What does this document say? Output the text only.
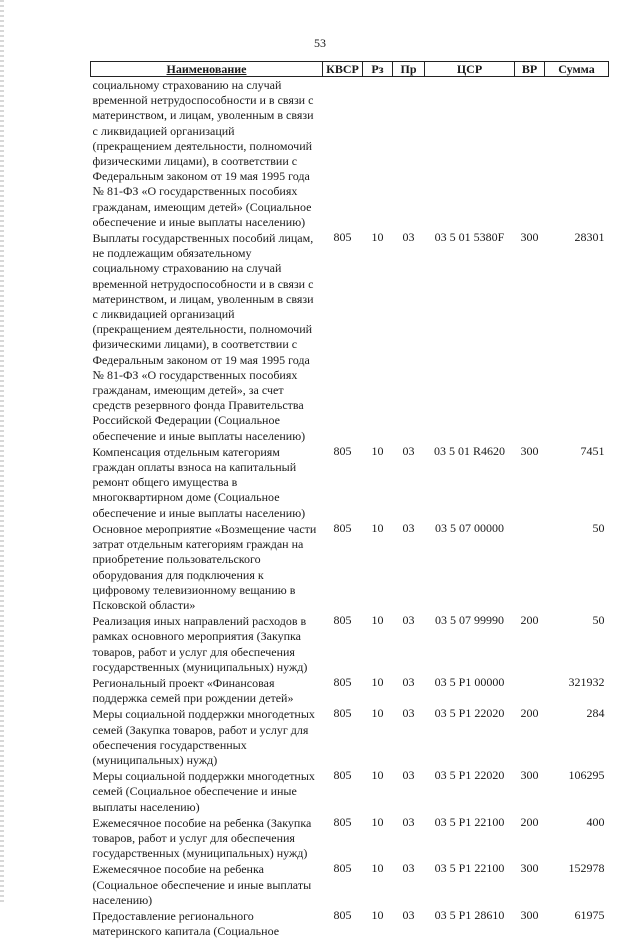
53
Наименование	КВСР	Рз	Пр	ЦСР	ВР	Сумма
социальному страхованию на случай временной нетрудоспособности и в связи с материнством, и лицам, уволенным в связи с ликвидацией организаций (прекращением деятельности, полномочий физическими лицами), в соответствии с Федеральным законом от 19 мая 1995 года № 81-ФЗ «О государственных пособиях гражданам, имеющим детей» (Социальное обеспечение и иные выплаты населению)						
Выплаты государственных пособий лицам, не подлежащим обязательному социальному страхованию на случай временной нетрудоспособности и в связи с материнством, и лицам, уволенным в связи с ликвидацией организаций (прекращением деятельности, полномочий физическими лицами), в соответствии с Федеральным законом от 19 мая 1995 года № 81-ФЗ «О государственных пособиях гражданам, имеющим детей», за счет средств резервного фонда Правительства Российской Федерации (Социальное обеспечение и иные выплаты населению)	805	10	03	03 5 01 5380F	300	28301
Компенсация отдельным категориям граждан оплаты взноса на капитальный ремонт общего имущества в многоквартирном доме (Социальное обеспечение и иные выплаты населению)	805	10	03	03 5 01 R4620	300	7451
Основное мероприятие «Возмещение части затрат отдельным категориям граждан на приобретение пользовательского оборудования для подключения к цифровому телевизионному вещанию в Псковской области»	805	10	03	03 5 07 00000		50
Реализация иных направлений расходов в рамках основного мероприятия (Закупка товаров, работ и услуг для обеспечения государственных (муниципальных) нужд)	805	10	03	03 5 07 99990	200	50
Региональный проект «Финансовая поддержка семей при рождении детей»	805	10	03	03 5 P1 00000		321932
Меры социальной поддержки многодетных семей (Закупка товаров, работ и услуг для обеспечения государственных (муниципальных) нужд)	805	10	03	03 5 P1 22020	200	284
Меры социальной поддержки многодетных семей (Социальное обеспечение и иные выплаты населению)	805	10	03	03 5 P1 22020	300	106295
Ежемесячное пособие на ребенка (Закупка товаров, работ и услуг для обеспечения государственных (муниципальных) нужд)	805	10	03	03 5 P1 22100	200	400
Ежемесячное пособие на ребенка (Социальное обеспечение и иные выплаты населению)	805	10	03	03 5 P1 22100	300	152978
Предоставление регионального материнского капитала (Социальное	805	10	03	03 5 P1 28610	300	61975
